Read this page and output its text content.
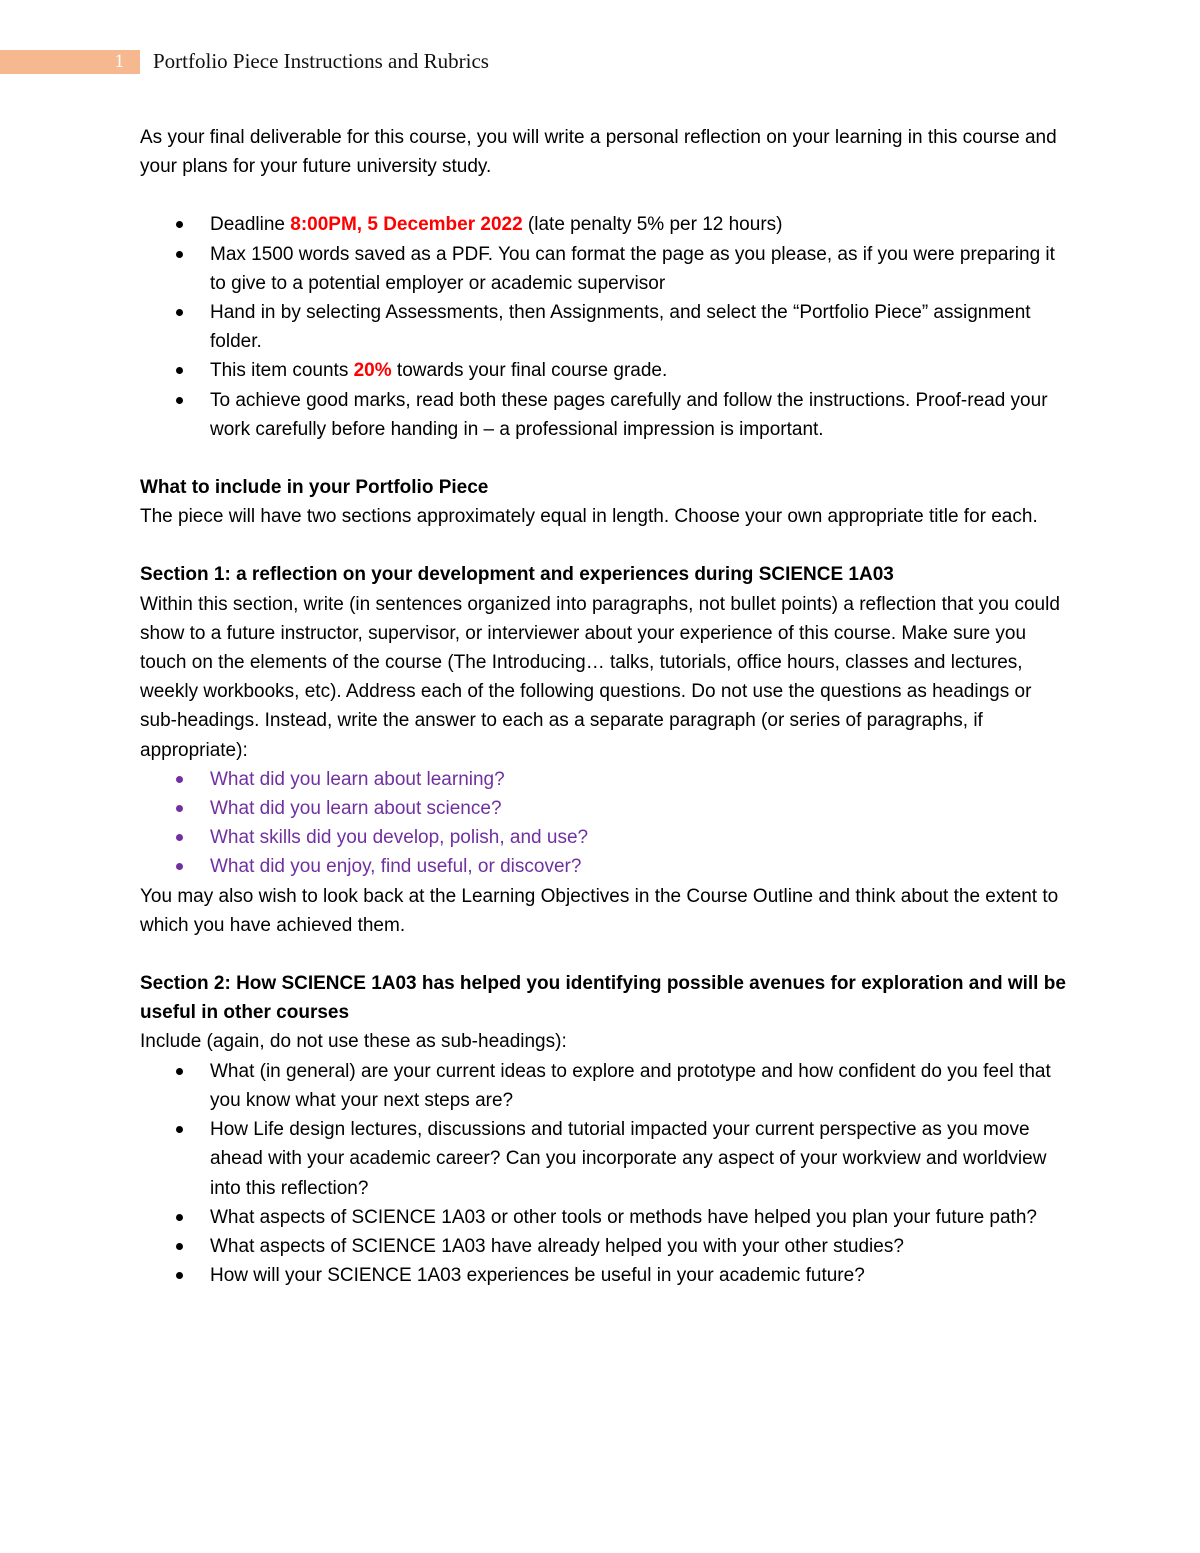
1	Portfolio Piece Instructions and Rubrics

As your final deliverable for this course, you will write a personal reflection on your learning in this course and your plans for your future university study.

Deadline 8:00PM, 5 December 2022 (late penalty 5% per 12 hours)
Max 1500 words saved as a PDF. You can format the page as you please, as if you were preparing it to give to a potential employer or academic supervisor
Hand in by selecting Assessments, then Assignments, and select the “Portfolio Piece” assignment folder.
This item counts 20% towards your final course grade.
To achieve good marks, read both these pages carefully and follow the instructions. Proof-read your work carefully before handing in – a professional impression is important.

What to include in your Portfolio Piece

The piece will have two sections approximately equal in length. Choose your own appropriate title for each.

Section 1: a reflection on your development and experiences during SCIENCE 1A03

Within this section, write (in sentences organized into paragraphs, not bullet points) a reflection that you could show to a future instructor, supervisor, or interviewer about your experience of this course. Make sure you touch on the elements of the course (The Introducing… talks, tutorials, office hours, classes and lectures, weekly workbooks, etc). Address each of the following questions. Do not use the questions as headings or sub-headings. Instead, write the answer to each as a separate paragraph (or series of paragraphs, if appropriate):

What did you learn about learning?
What did you learn about science?
What skills did you develop, polish, and use?
What did you enjoy, find useful, or discover?

You may also wish to look back at the Learning Objectives in the Course Outline and think about the extent to which you have achieved them.

Section 2: How SCIENCE 1A03 has helped you identifying possible avenues for exploration and will be useful in other courses

Include (again, do not use these as sub-headings):

What (in general) are your current ideas to explore and prototype and how confident do you feel that you know what your next steps are?
How Life design lectures, discussions and tutorial impacted your current perspective as you move ahead with your academic career? Can you incorporate any aspect of your workview and worldview into this reflection?
What aspects of SCIENCE 1A03 or other tools or methods have helped you plan your future path?
What aspects of SCIENCE 1A03 have already helped you with your other studies?
How will your SCIENCE 1A03 experiences be useful in your academic future?
